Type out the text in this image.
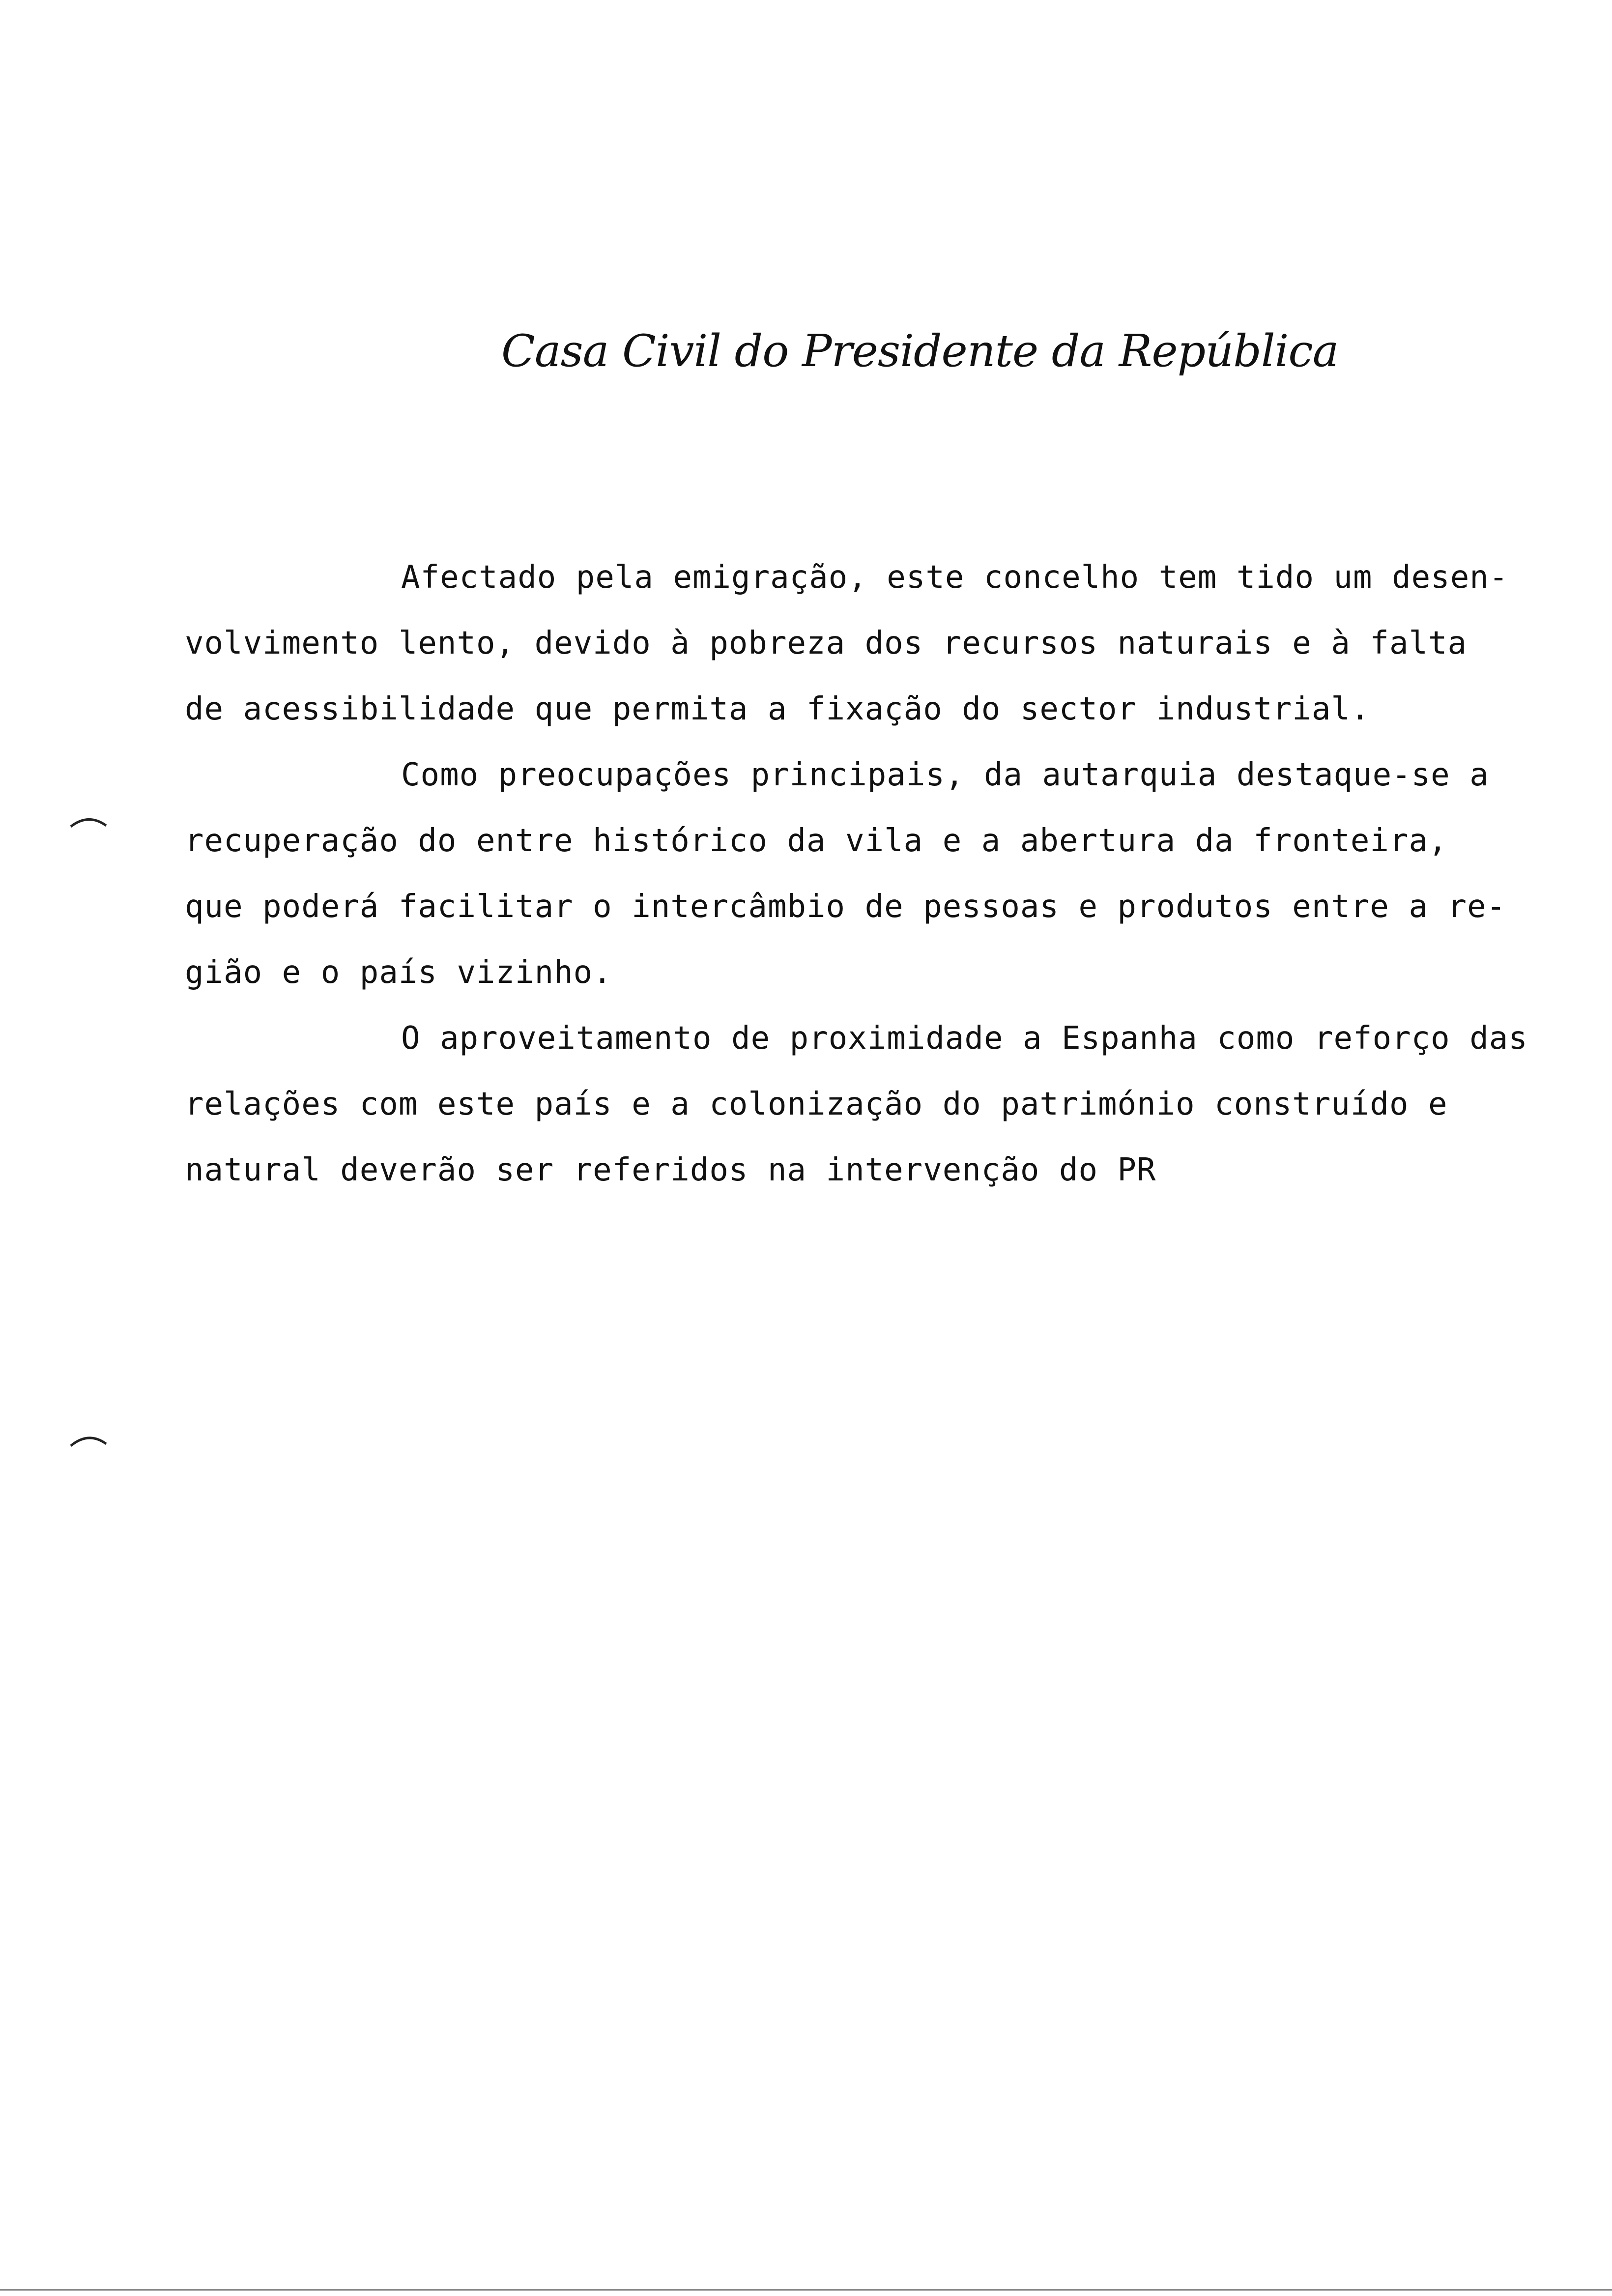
Casa Civil do Presidente da República
Afectado pela emigração, este concelho tem tido um desen-
volvimento lento, devido à pobreza dos recursos naturais e à falta
de acessibilidade que permita a fixação do sector industrial.
Como preocupações principais, da autarquia destaque-se a
recuperação do entre histórico da vila e a abertura da fronteira,
que poderá facilitar o intercâmbio de pessoas e produtos entre a re-
gião e o país vizinho.
O aproveitamento de proximidade a Espanha como reforço das
relações com este país e a colonização do património construído e
natural deverão ser referidos na intervenção do PR
